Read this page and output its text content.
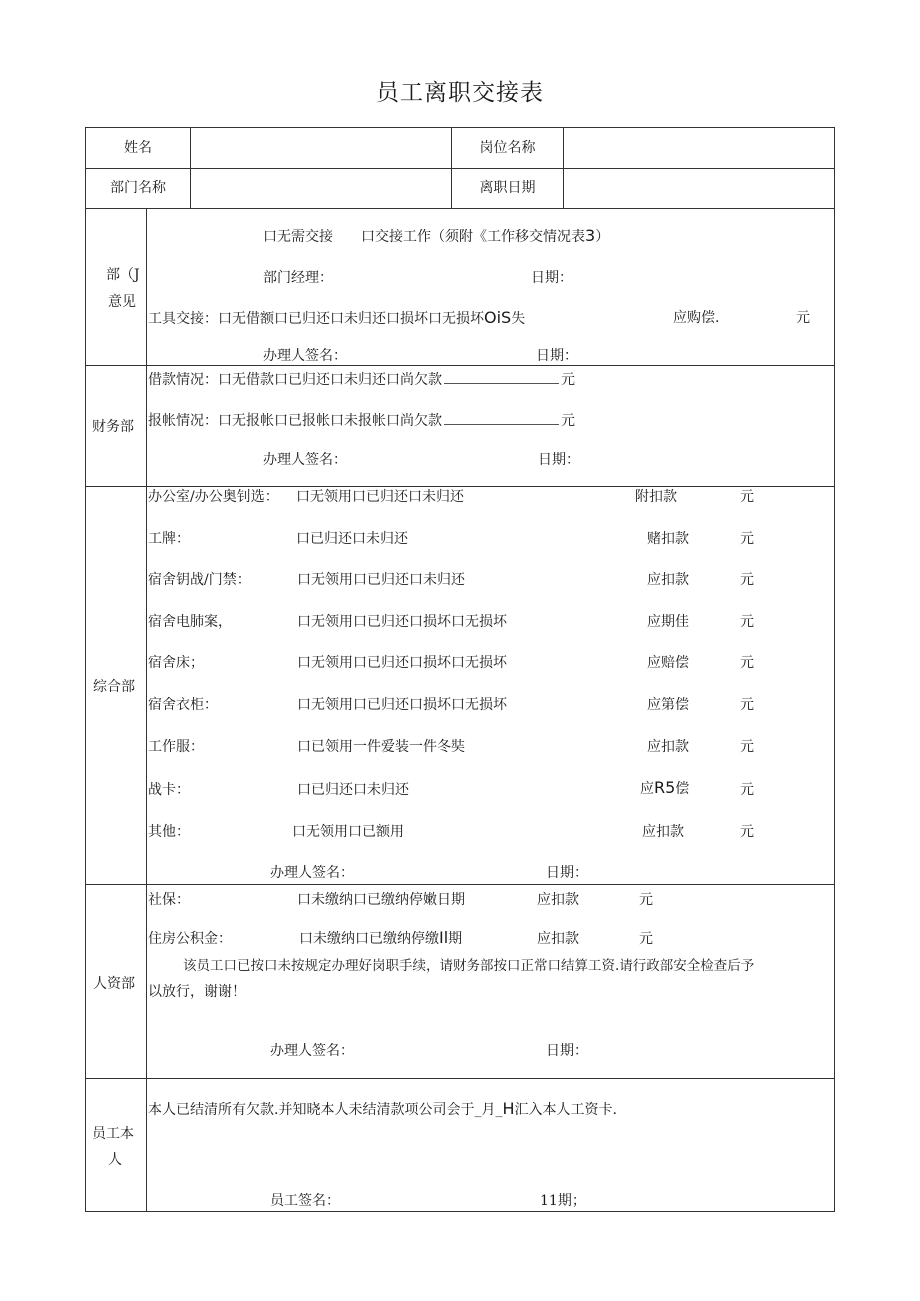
员工离职交接表
姓名	岗位名称
部门名称	离职日期
部（J
意见
口无需交接　　口交接工作（须附《工作移交情况表3）
部门经理：	日期：
工具交接：口无借额口已归还口未归还口损坏口无损坏OiS失	应购偿.	元
办理人签名：	日期：
财务部
借款情况：口无借款口已归还口未归还口尚欠款	元
报帐情况：口无报帐口已报帐口未报帐口尚欠款	元
办理人签名：	日期：
综合部
办公室/办公奥钊选： 口无领用口已归还口未归还	附扣款	元
工牌：	口已归还口未归还	赌扣款	元
宿舍钥战/门禁：	口无领用口已归还口未归还	应扣款	元
宿舍电肺案，	口无领用口已归还口损坏口无损坏	应期佳	元
宿舍床；	口无领用口已归还口损坏口无损坏	应赔偿	元
宿舍衣柜：	口无领用口已归还口损坏口无损坏	应第偿	元
工作服：	口已领用一件爱装一件冬奘	应扣款	元
战卡：	口已归还口未归还	应R5偿	元
其他：	口无领用口已额用	应扣款	元
办理人签名：	日期：
人资部
社保：	口未缴纳口已缴纳停嫩日期	应扣款	元
住房公积金：	口未缴纳口已缴纳停缴Il期	应扣款	元
该员工口已按口未按规定办理好岗职手续，请财务部按口正常口结算工资.请行政部安全检查后予
以放行，谢谢！
办理人签名：	日期：
员工本
人
本人已结清所有欠款.并知晓本人未结清款项公司会于_月_H汇入本人工资卡.
员工签名：	11期；
